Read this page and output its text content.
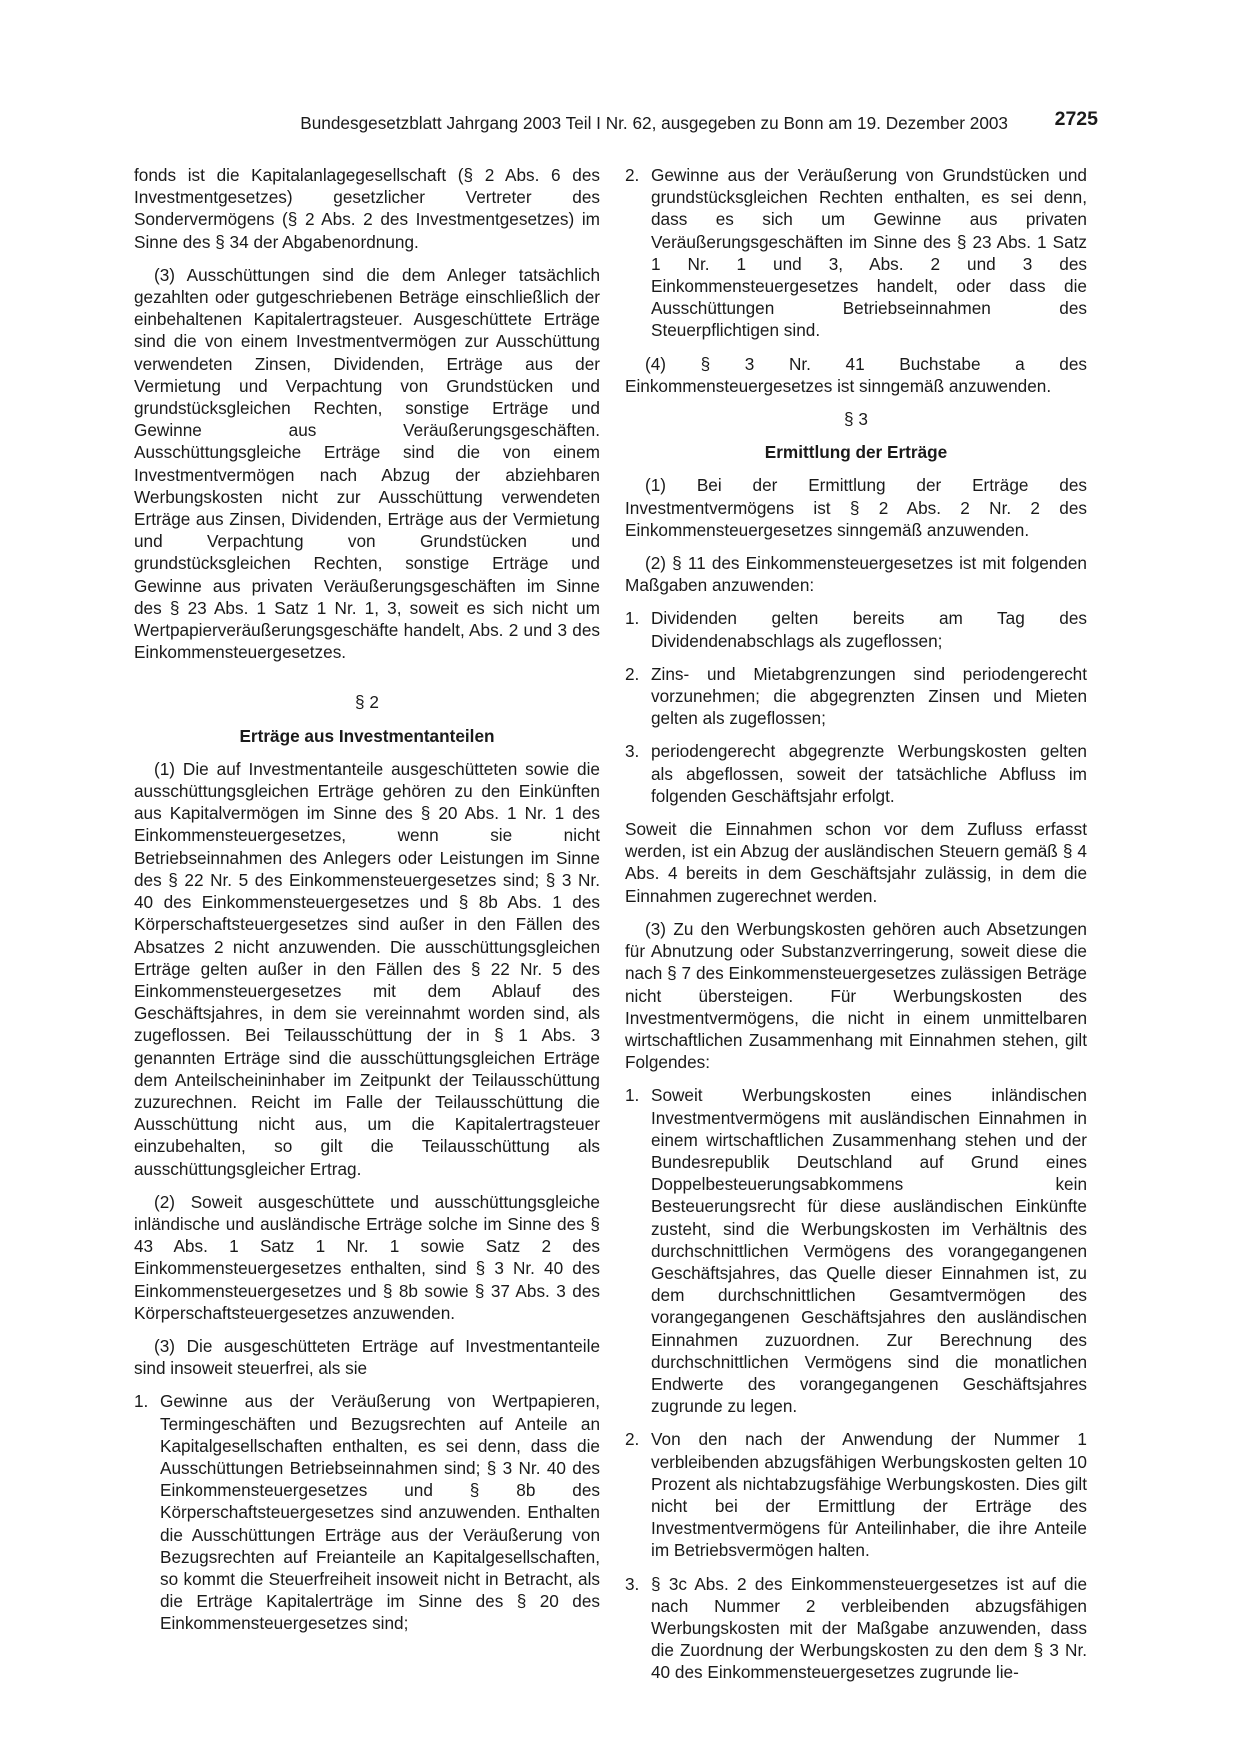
Bundesgesetzblatt Jahrgang 2003 Teil I Nr. 62, ausgegeben zu Bonn am 19. Dezember 2003 2725

fonds ist die Kapitalanlagegesellschaft (§ 2 Abs. 6 des Investmentgesetzes) gesetzlicher Vertreter des Sondervermögens (§ 2 Abs. 2 des Investmentgesetzes) im Sinne des § 34 der Abgabenordnung.

(3) Ausschüttungen sind die dem Anleger tatsächlich gezahlten oder gutgeschriebenen Beträge einschließlich der einbehaltenen Kapitalertragsteuer. Ausgeschüttete Erträge sind die von einem Investmentvermögen zur Ausschüttung verwendeten Zinsen, Dividenden, Erträge aus der Vermietung und Verpachtung von Grundstücken und grundstücksgleichen Rechten, sonstige Erträge und Gewinne aus Veräußerungsgeschäften. Ausschüttungsgleiche Erträge sind die von einem Investmentvermögen nach Abzug der abziehbaren Werbungskosten nicht zur Ausschüttung verwendeten Erträge aus Zinsen, Dividenden, Erträge aus der Vermietung und Verpachtung von Grundstücken und grundstücksgleichen Rechten, sonstige Erträge und Gewinne aus privaten Veräußerungsgeschäften im Sinne des § 23 Abs. 1 Satz 1 Nr. 1, 3, soweit es sich nicht um Wertpapierveräußerungsgeschäfte handelt, Abs. 2 und 3 des Einkommensteuergesetzes.

§ 2
Erträge aus Investmentanteilen

(1) Die auf Investmentanteile ausgeschütteten sowie die ausschüttungsgleichen Erträge gehören zu den Einkünften aus Kapitalvermögen im Sinne des § 20 Abs. 1 Nr. 1 des Einkommensteuergesetzes, wenn sie nicht Betriebseinnahmen des Anlegers oder Leistungen im Sinne des § 22 Nr. 5 des Einkommensteuergesetzes sind; § 3 Nr. 40 des Einkommensteuergesetzes und § 8b Abs. 1 des Körperschaftsteuergesetzes sind außer in den Fällen des Absatzes 2 nicht anzuwenden. Die ausschüttungsgleichen Erträge gelten außer in den Fällen des § 22 Nr. 5 des Einkommensteuergesetzes mit dem Ablauf des Geschäftsjahres, in dem sie vereinnahmt worden sind, als zugeflossen. Bei Teilausschüttung der in § 1 Abs. 3 genannten Erträge sind die ausschüttungsgleichen Erträge dem Anteilscheininhaber im Zeitpunkt der Teilausschüttung zuzurechnen. Reicht im Falle der Teilausschüttung die Ausschüttung nicht aus, um die Kapitalertragsteuer einzubehalten, so gilt die Teilausschüttung als ausschüttungsgleicher Ertrag.

(2) Soweit ausgeschüttete und ausschüttungsgleiche inländische und ausländische Erträge solche im Sinne des § 43 Abs. 1 Satz 1 Nr. 1 sowie Satz 2 des Einkommensteuergesetzes enthalten, sind § 3 Nr. 40 des Einkommensteuergesetzes und § 8b sowie § 37 Abs. 3 des Körperschaftsteuergesetzes anzuwenden.

(3) Die ausgeschütteten Erträge auf Investmentanteile sind insoweit steuerfrei, als sie

1. Gewinne aus der Veräußerung von Wertpapieren, Termingeschäften und Bezugsrechten auf Anteile an Kapitalgesellschaften enthalten, es sei denn, dass die Ausschüttungen Betriebseinnahmen sind; § 3 Nr. 40 des Einkommensteuergesetzes und § 8b des Körperschaftsteuergesetzes sind anzuwenden. Enthalten die Ausschüttungen Erträge aus der Veräußerung von Bezugsrechten auf Freianteile an Kapitalgesellschaften, so kommt die Steuerfreiheit insoweit nicht in Betracht, als die Erträge Kapitalerträge im Sinne des § 20 des Einkommensteuergesetzes sind;
2. Gewinne aus der Veräußerung von Grundstücken und grundstücksgleichen Rechten enthalten, es sei denn, dass es sich um Gewinne aus privaten Veräußerungsgeschäften im Sinne des § 23 Abs. 1 Satz 1 Nr. 1 und 3, Abs. 2 und 3 des Einkommensteuergesetzes handelt, oder dass die Ausschüttungen Betriebseinnahmen des Steuerpflichtigen sind.

(4) § 3 Nr. 41 Buchstabe a des Einkommensteuergesetzes ist sinngemäß anzuwenden.

§ 3
Ermittlung der Erträge

(1) Bei der Ermittlung der Erträge des Investmentvermögens ist § 2 Abs. 2 Nr. 2 des Einkommensteuergesetzes sinngemäß anzuwenden.

(2) § 11 des Einkommensteuergesetzes ist mit folgenden Maßgaben anzuwenden:

1. Dividenden gelten bereits am Tag des Dividendenabschlags als zugeflossen;
2. Zins- und Mietabgrenzungen sind periodengerecht vorzunehmen; die abgegrenzten Zinsen und Mieten gelten als zugeflossen;
3. periodengerecht abgegrenzte Werbungskosten gelten als abgeflossen, soweit der tatsächliche Abfluss im folgenden Geschäftsjahr erfolgt.

Soweit die Einnahmen schon vor dem Zufluss erfasst werden, ist ein Abzug der ausländischen Steuern gemäß § 4 Abs. 4 bereits in dem Geschäftsjahr zulässig, in dem die Einnahmen zugerechnet werden.

(3) Zu den Werbungskosten gehören auch Absetzungen für Abnutzung oder Substanzverringerung, soweit diese die nach § 7 des Einkommensteuergesetzes zulässigen Beträge nicht übersteigen. Für Werbungskosten des Investmentvermögens, die nicht in einem unmittelbaren wirtschaftlichen Zusammenhang mit Einnahmen stehen, gilt Folgendes:

1. Soweit Werbungskosten eines inländischen Investmentvermögens mit ausländischen Einnahmen in einem wirtschaftlichen Zusammenhang stehen und der Bundesrepublik Deutschland auf Grund eines Doppelbesteuerungsabkommens kein Besteuerungsrecht für diese ausländischen Einkünfte zusteht, sind die Werbungskosten im Verhältnis des durchschnittlichen Vermögens des vorangegangenen Geschäftsjahres, das Quelle dieser Einnahmen ist, zu dem durchschnittlichen Gesamtvermögen des vorangegangenen Geschäftsjahres den ausländischen Einnahmen zuzuordnen. Zur Berechnung des durchschnittlichen Vermögens sind die monatlichen Endwerte des vorangegangenen Geschäftsjahres zugrunde zu legen.
2. Von den nach der Anwendung der Nummer 1 verbleibenden abzugsfähigen Werbungskosten gelten 10 Prozent als nichtabzugsfähige Werbungskosten. Dies gilt nicht bei der Ermittlung der Erträge des Investmentvermögens für Anteilinhaber, die ihre Anteile im Betriebsvermögen halten.
3. § 3c Abs. 2 des Einkommensteuergesetzes ist auf die nach Nummer 2 verbleibenden abzugsfähigen Werbungskosten mit der Maßgabe anzuwenden, dass die Zuordnung der Werbungskosten zu den dem § 3 Nr. 40 des Einkommensteuergesetzes zugrunde lie-
